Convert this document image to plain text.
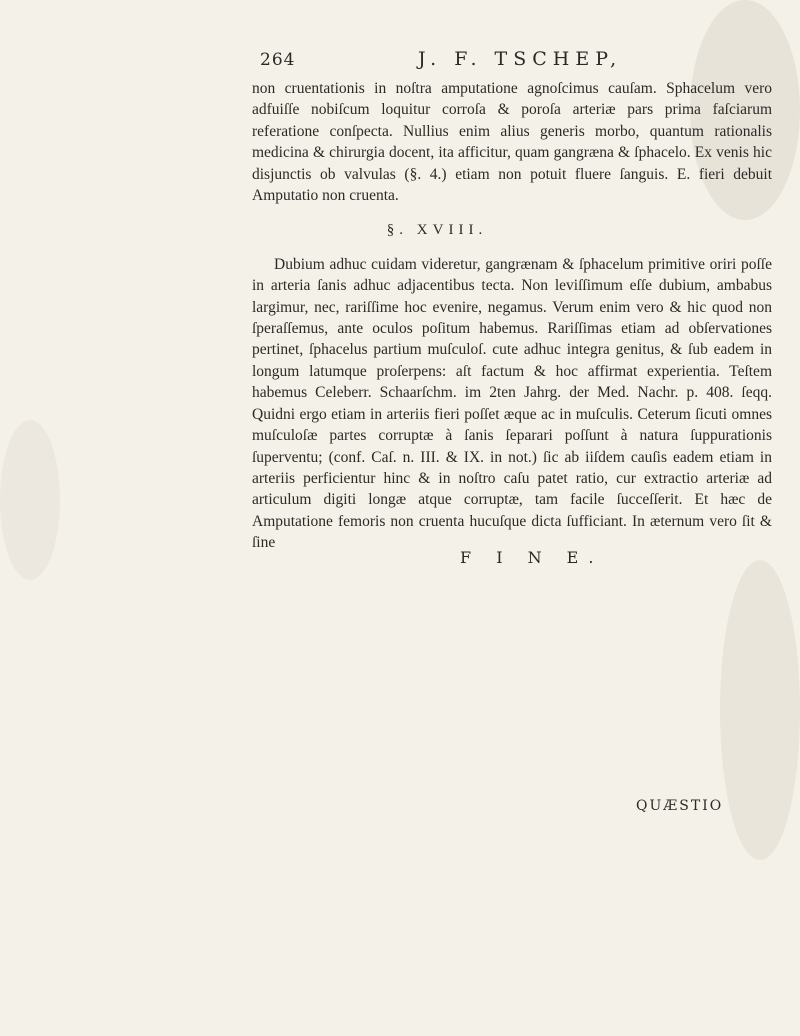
264	J. F. TSCHEP,

non cruentationis in noſtra amputatione agnoſcimus cauſam. Sphacelum vero adfuiſſe nobiſcum loquitur corroſa & poroſa arteriæ pars prima faſciarum referatione conſpecta. Nullius enim alius generis morbo, quantum rationalis medicina & chirurgia docent, ita afficitur, quam gangræna & ſphacelo. Ex venis hic disjunctis ob valvulas (§. 4.) etiam non potuit fluere ſanguis. E. fieri debuit Amputatio non cruenta.

§. XVIII.

Dubium adhuc cuidam videretur, gangrænam & ſphacelum primitive oriri poſſe in arteria ſanis adhuc adjacentibus tecta. Non leviſſimum eſſe dubium, ambabus largimur, nec, rariſſime hoc evenire, negamus. Verum enim vero & hic quod non ſperaſſemus, ante oculos poſitum habemus. Rariſſimas etiam ad obſervationes pertinet, ſphacelus partium muſculoſ. cute adhuc integra genitus, & ſub eadem in longum latumque proſerpens: aſt factum & hoc affirmat experientia. Teſtem habemus Celeberr. Schaarſchm. im 2ten Jahrg. der Med. Nachr. p. 408. ſeqq. Quidni ergo etiam in arteriis fieri poſſet æque ac in muſculis. Ceterum ſicuti omnes muſculoſæ partes corruptæ à ſanis ſeparari poſſunt à natura ſuppurationis ſuperventu; (conf. Caſ. n. III. & IX. in not.) ſic ab iiſdem cauſis eadem etiam in arteriis perficientur hinc & in noſtro caſu patet ratio, cur extractio arteriæ ad articulum digiti longæ atque corruptæ, tam facile ſucceſſerit. Et hæc de Amputatione femoris non cruenta hucuſque dicta ſufficiant. In æternum vero ſit & ſine

F I N E.
QUÆSTIO
